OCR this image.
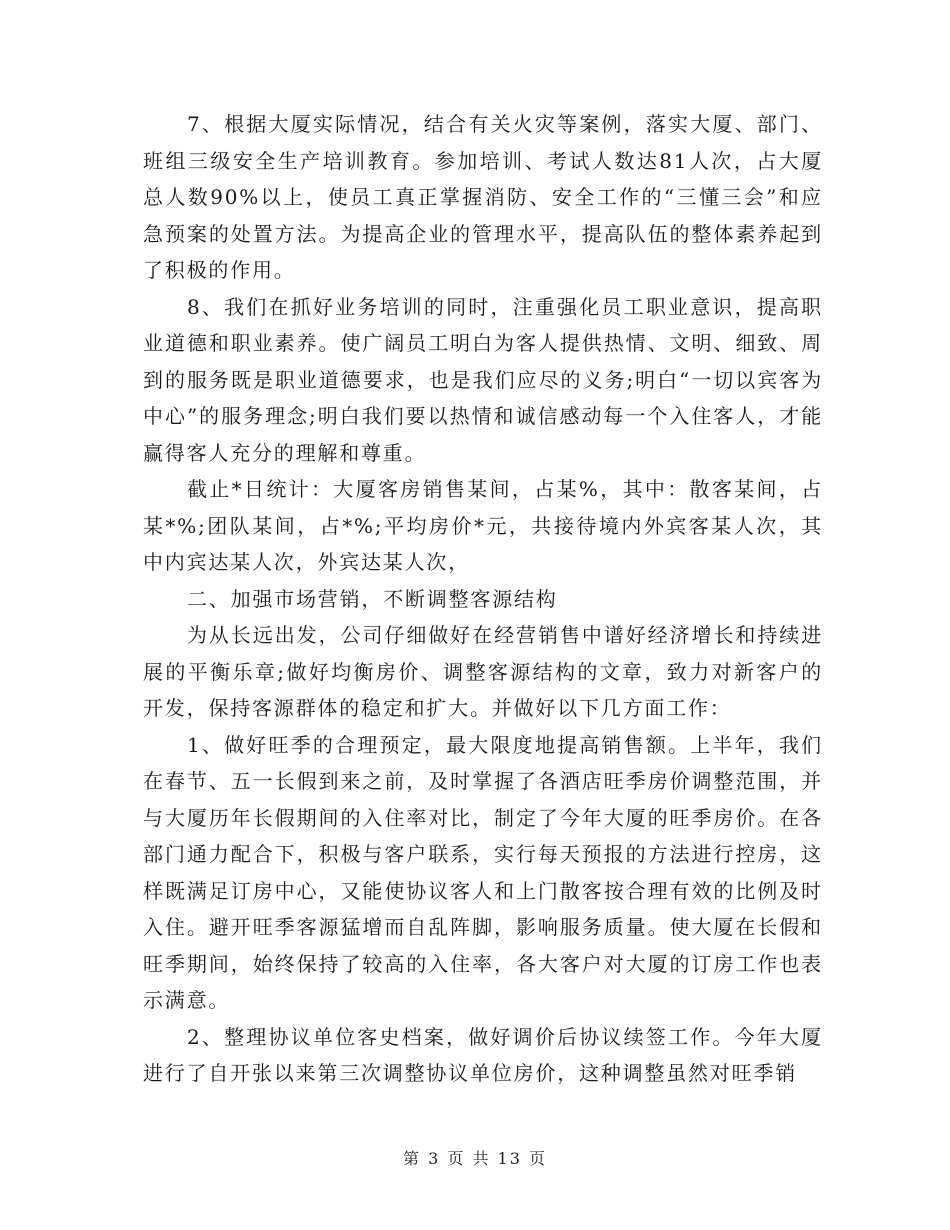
7、根据大厦实际情况，结合有关火灾等案例，落实大厦、部门、班组三级安全生产培训教育。参加培训、考试人数达81人次，占大厦总人数90%以上，使员工真正掌握消防、安全工作的“三懂三会”和应急预案的处置方法。为提高企业的管理水平，提高队伍的整体素养起到了积极的作用。

8、我们在抓好业务培训的同时，注重强化员工职业意识，提高职业道德和职业素养。使广阔员工明白为客人提供热情、文明、细致、周到的服务既是职业道德要求，也是我们应尽的义务;明白“一切以宾客为中心”的服务理念;明白我们要以热情和诚信感动每一个入住客人，才能赢得客人充分的理解和尊重。

截止*日统计：大厦客房销售某间，占某%，其中：散客某间，占某*%;团队某间，占*%;平均房价*元，共接待境内外宾客某人次，其中内宾达某人次，外宾达某人次，

二、加强市场营销，不断调整客源结构

为从长远出发，公司仔细做好在经营销售中谱好经济增长和持续进展的平衡乐章;做好均衡房价、调整客源结构的文章，致力对新客户的开发，保持客源群体的稳定和扩大。并做好以下几方面工作：

1、做好旺季的合理预定，最大限度地提高销售额。上半年，我们在春节、五一长假到来之前，及时掌握了各酒店旺季房价调整范围，并与大厦历年长假期间的入住率对比，制定了今年大厦的旺季房价。在各部门通力配合下，积极与客户联系，实行每天预报的方法进行控房，这样既满足订房中心，又能使协议客人和上门散客按合理有效的比例及时入住。避开旺季客源猛增而自乱阵脚，影响服务质量。使大厦在长假和旺季期间，始终保持了较高的入住率，各大客户对大厦的订房工作也表示满意。

2、整理协议单位客史档案，做好调价后协议续签工作。今年大厦进行了自开张以来第三次调整协议单位房价，这种调整虽然对旺季销

第 3 页 共 13 页
